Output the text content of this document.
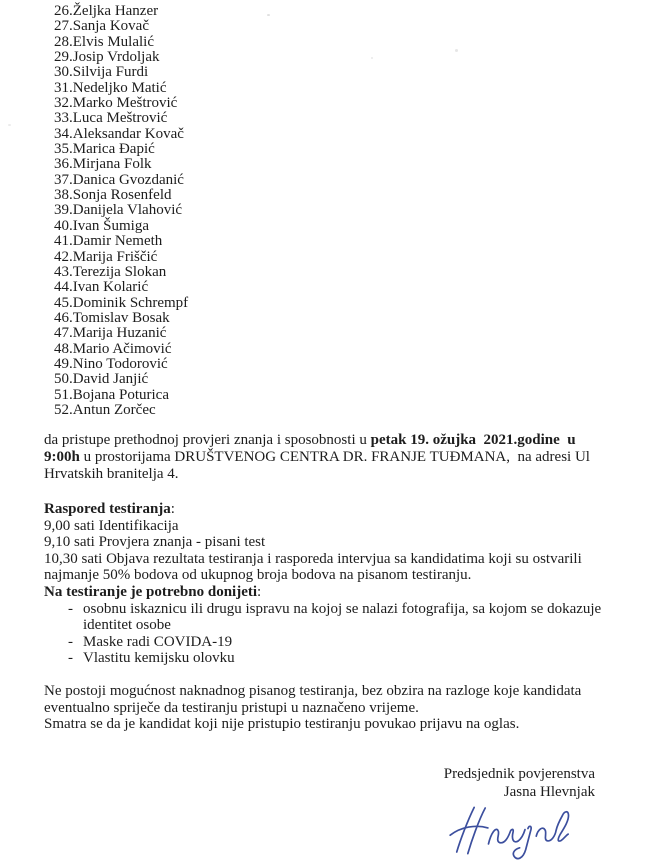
26.Željka Hanzer
27.Sanja Kovač
28.Elvis Mulalić
29.Josip Vrdoljak
30.Silvija Furdi
31.Nedeljko Matić
32.Marko Meštrović
33.Luca Meštrović
34.Aleksandar Kovač
35.Marica Đapić
36.Mirjana Folk
37.Danica Gvozdanić
38.Sonja Rosenfeld
39.Danijela Vlahović
40.Ivan Šumiga
41.Damir Nemeth
42.Marija Friščić
43.Terezija Slokan
44.Ivan Kolarić
45.Dominik Schrempf
46.Tomislav Bosak
47.Marija Huzanić
48.Mario Ačimović
49.Nino Todorović
50.David Janjić
51.Bojana Poturica
52.Antun Zorčec

da pristupe prethodnoj provjeri znanja i sposobnosti u petak 19. ožujka  2021.godine  u 9:00h u prostorijama DRUŠTVENOG CENTRA DR. FRANJE TUĐMANA,  na adresi Ul Hrvatskih branitelja 4.

Raspored testiranja:

9,00 sati Identifikacija

9,10 sati Provjera znanja - pisani test

10,30 sati Objava rezultata testiranja i rasporeda intervjua sa kandidatima koji su ostvarili najmanje 50% bodova od ukupnog broja bodova na pisanom testiranju.

Na testiranje je potrebno donijeti:

- osobnu iskaznicu ili drugu ispravu na kojoj se nalazi fotografija, sa kojom se dokazuje identitet osobe
- Maske radi COVIDA-19
- Vlastitu kemijsku olovku

Ne postoji mogućnost naknadnog pisanog testiranja, bez obzira na razloge koje kandidata eventualno spriječe da testiranju pristupi u naznačeno vrijeme.

Smatra se da je kandidat koji nije pristupio testiranju povukao prijavu na oglas.

Predsjednik povjerenstva

Jasna Hlevnjak
